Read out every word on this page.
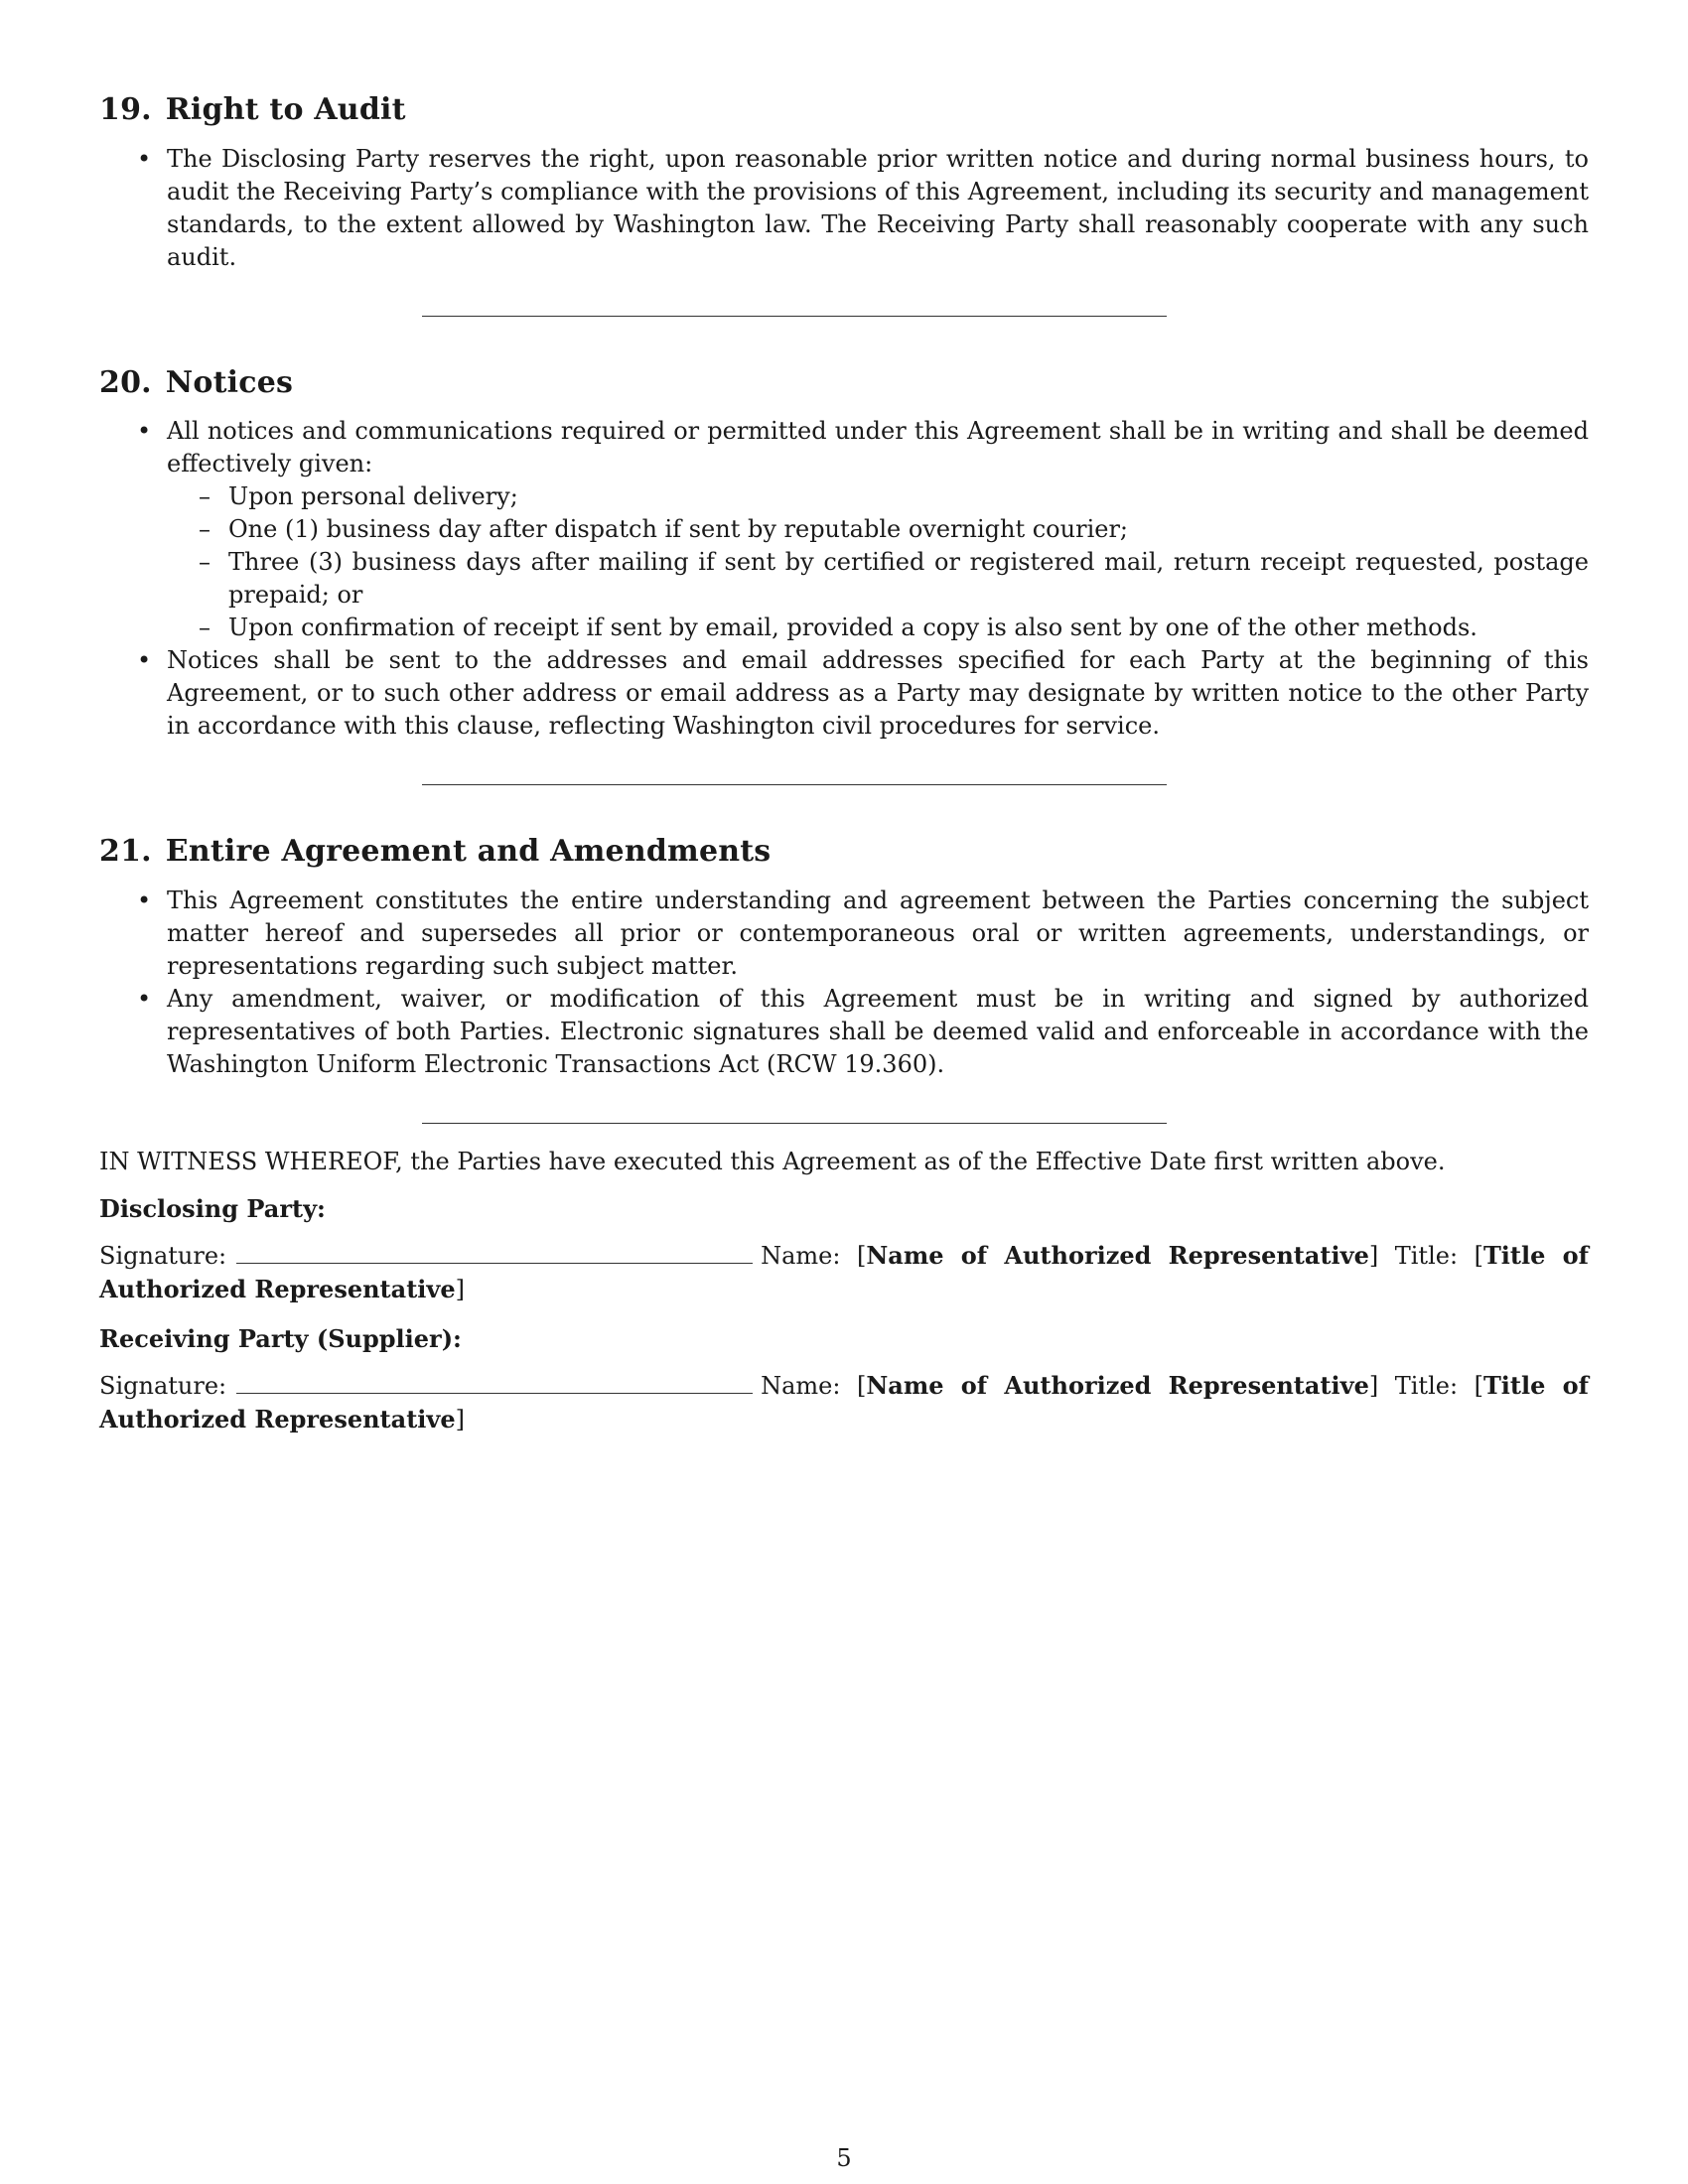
19. Right to Audit
• The Disclosing Party reserves the right, upon reasonable prior written notice and during normal business hours, to audit the Receiving Party’s compliance with the provisions of this Agreement, including its security and management standards, to the extent allowed by Washington law. The Receiving Party shall reasonably cooperate with any such audit.
20. Notices
• All notices and communications required or permitted under this Agreement shall be in writing and shall be deemed effectively given:
– Upon personal delivery;
– One (1) business day after dispatch if sent by reputable overnight courier;
– Three (3) business days after mailing if sent by certified or registered mail, return receipt requested, postage prepaid; or
– Upon confirmation of receipt if sent by email, provided a copy is also sent by one of the other methods.
• Notices shall be sent to the addresses and email addresses specified for each Party at the beginning of this Agreement, or to such other address or email address as a Party may designate by written notice to the other Party in accordance with this clause, reflecting Washington civil procedures for service.
21. Entire Agreement and Amendments
• This Agreement constitutes the entire understanding and agreement between the Parties concerning the subject matter hereof and supersedes all prior or contemporaneous oral or written agreements, understandings, or representations regarding such subject matter.
• Any amendment, waiver, or modification of this Agreement must be in writing and signed by authorized representatives of both Parties. Electronic signatures shall be deemed valid and enforceable in accordance with the Washington Uniform Electronic Transactions Act (RCW 19.360).

IN WITNESS WHEREOF, the Parties have executed this Agreement as of the Effective Date first written above.

Disclosing Party:
Signature:	Name: [Name of Authorized Representative] Title: [Title of Authorized Representative]
Receiving Party (Supplier):
Signature:	Name: [Name of Authorized Representative] Title: [Title of Authorized Representative]
5
